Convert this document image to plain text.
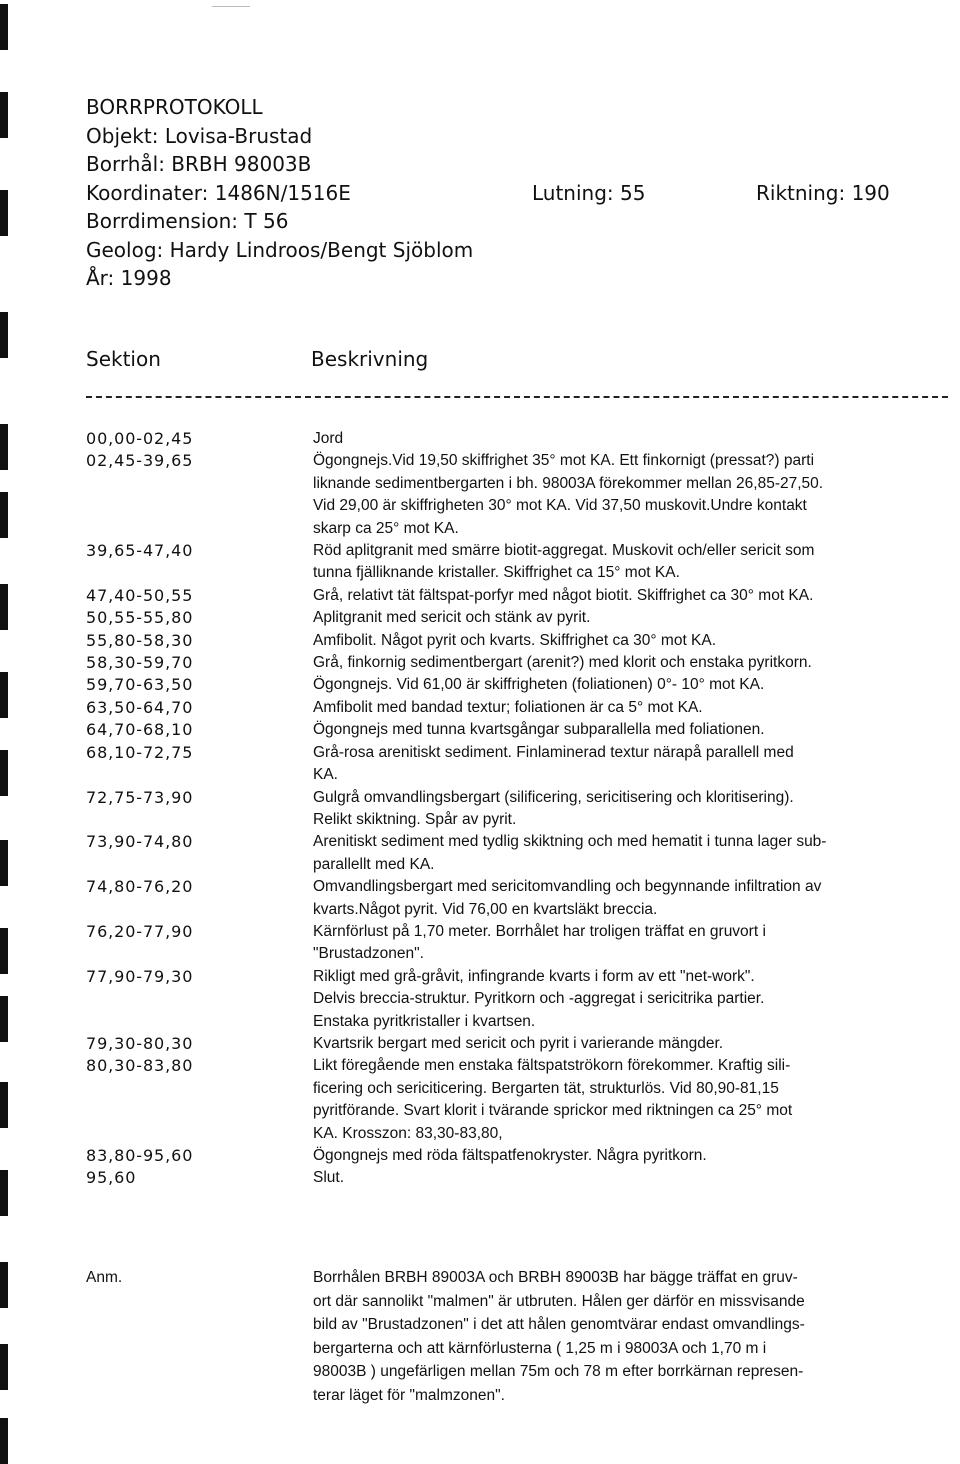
BORRPROTOKOLL
Objekt: Lovisa-Brustad
Borrhål: BRBH 98003B
Koordinater: 1486N/1516E	Lutning: 55	Riktning: 190
Borrdimension: T 56
Geolog: Hardy Lindroos/Bengt Sjöblom
År: 1998
Sektion	Beskrivning
00,00-02,45	Jord
02,45-39,65	Ögongnejs.Vid 19,50 skiffrighet 35° mot KA. Ett finkornigt (pressat?) parti
liknande sedimentbergarten i bh. 98003A förekommer mellan 26,85-27,50.
Vid 29,00 är skiffrigheten 30° mot KA. Vid 37,50 muskovit.Undre kontakt
skarp ca 25° mot KA.
39,65-47,40	Röd aplitgranit med smärre biotit-aggregat. Muskovit och/eller sericit som
tunna fjälliknande kristaller. Skiffrighet ca 15° mot KA.
47,40-50,55	Grå, relativt tät fältspat-porfyr med något biotit. Skiffrighet ca 30° mot KA.
50,55-55,80	Aplitgranit med sericit och stänk av pyrit.
55,80-58,30	Amfibolit. Något pyrit och kvarts. Skiffrighet ca 30° mot KA.
58,30-59,70	Grå, finkornig sedimentbergart (arenit?) med klorit och enstaka pyritkorn.
59,70-63,50	Ögongnejs. Vid 61,00 är skiffrigheten (foliationen) 0°- 10° mot KA.
63,50-64,70	Amfibolit med bandad textur; foliationen är ca 5° mot KA.
64,70-68,10	Ögongnejs med tunna kvartsgångar subparallella med foliationen.
68,10-72,75	Grå-rosa arenitiskt sediment. Finlaminerad textur närapå parallell med
KA.
72,75-73,90	Gulgrå omvandlingsbergart (silificering, sericitisering och kloritisering).
Relikt skiktning. Spår av pyrit.
73,90-74,80	Arenitiskt sediment med tydlig skiktning och med hematit i tunna lager sub-
parallellt med KA.
74,80-76,20	Omvandlingsbergart med sericitomvandling och begynnande infiltration av
kvarts.Något pyrit. Vid 76,00 en kvartsläkt breccia.
76,20-77,90	Kärnförlust på 1,70 meter. Borrhålet har troligen träffat en gruvort i
"Brustadzonen".
77,90-79,30	Rikligt med grå-gråvit, infingrande kvarts i form av ett "net-work".
Delvis breccia-struktur. Pyritkorn och -aggregat i sericitrika partier.
Enstaka pyritkristaller i kvartsen.
79,30-80,30	Kvartsrik bergart med sericit och pyrit i varierande mängder.
80,30-83,80	Likt föregående men enstaka fältspatströkorn förekommer. Kraftig sili-
ficering och sericiticering. Bergarten tät, strukturlös. Vid 80,90-81,15
pyritförande. Svart klorit i tvärande sprickor med riktningen ca 25° mot
KA. Krosszon: 83,30-83,80,
83,80-95,60	Ögongnejs med röda fältspatfenokryster. Några pyritkorn.
95,60	Slut.
Anm.	Borrhålen BRBH 89003A och BRBH 89003B har bägge träffat en gruv-
ort där sannolikt "malmen" är utbruten. Hålen ger därför en missvisande
bild av "Brustadzonen" i det att hålen genomtvärar endast omvandlings-
bergarterna och att kärnförlusterna ( 1,25 m i 98003A och 1,70 m i
98003B ) ungefärligen mellan 75m och 78 m efter borrkärnan represen-
terar läget för "malmzonen".
